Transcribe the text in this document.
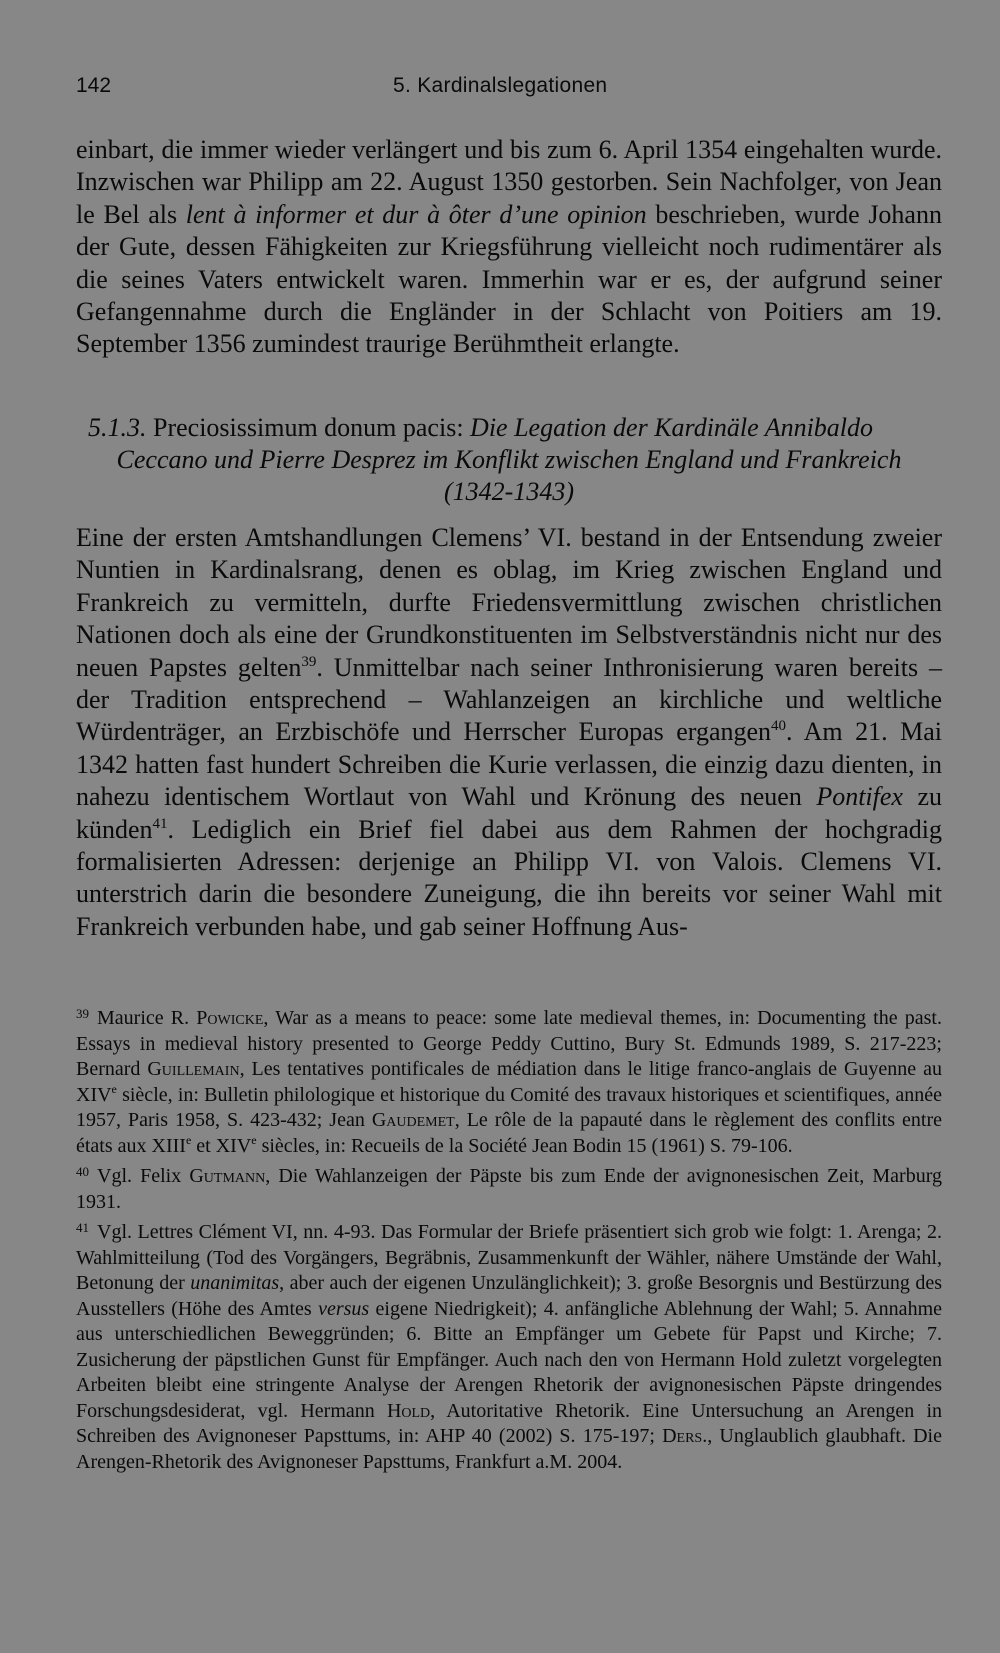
142	5. Kardinalslegationen

einbart, die immer wieder verlängert und bis zum 6. April 1354 eingehalten wurde. Inzwischen war Philipp am 22. August 1350 gestorben. Sein Nachfolger, von Jean le Bel als lent à informer et dur à ôter d’une opinion beschrieben, wurde Johann der Gute, dessen Fähigkeiten zur Kriegsführung vielleicht noch rudimentärer als die seines Vaters entwickelt waren. Immerhin war er es, der aufgrund seiner Gefangennahme durch die Engländer in der Schlacht von Poitiers am 19. September 1356 zumindest traurige Berühmtheit erlangte.

5.1.3. Preciosissimum donum pacis: Die Legation der Kardinäle Annibaldo
Ceccano und Pierre Desprez im Konflikt zwischen England und Frankreich
(1342-1343)

Eine der ersten Amtshandlungen Clemens’ VI. bestand in der Entsendung zweier Nuntien in Kardinalsrang, denen es oblag, im Krieg zwischen England und Frankreich zu vermitteln, durfte Friedensvermittlung zwischen christlichen Nationen doch als eine der Grundkonstituenten im Selbstverständnis nicht nur des neuen Papstes gelten$^{39}$. Unmittelbar nach seiner Inthronisierung waren bereits – der Tradition entsprechend – Wahlanzeigen an kirchliche und weltliche Würdenträger, an Erzbischöfe und Herrscher Europas ergangen$^{40}$. Am 21. Mai 1342 hatten fast hundert Schreiben die Kurie verlassen, die einzig dazu dienten, in nahezu identischem Wortlaut von Wahl und Krönung des neuen Pontifex zu künden$^{41}$. Lediglich ein Brief fiel dabei aus dem Rahmen der hochgradig formalisierten Adressen: derjenige an Philipp VI. von Valois. Clemens VI. unterstrich darin die besondere Zuneigung, die ihn bereits vor seiner Wahl mit Frankreich verbunden habe, und gab seiner Hoffnung Aus-

$^{39}$ Maurice R. Powicke, War as a means to peace: some late medieval themes, in: Documenting the past. Essays in medieval history presented to George Peddy Cuttino, Bury St. Edmunds 1989, S. 217-223; Bernard Guillemain, Les tentatives pontificales de médiation dans le litige franco-anglais de Guyenne au XIVe siècle, in: Bulletin philologique et historique du Comité des travaux historiques et scientifiques, année 1957, Paris 1958, S. 423-432; Jean Gaudemet, Le rôle de la papauté dans le règlement des conflits entre états aux XIIIe et XIVe siècles, in: Recueils de la Société Jean Bodin 15 (1961) S. 79-106.

$^{40}$ Vgl. Felix Gutmann, Die Wahlanzeigen der Päpste bis zum Ende der avignonesischen Zeit, Marburg 1931.

$^{41}$ Vgl. Lettres Clément VI, nn. 4-93. Das Formular der Briefe präsentiert sich grob wie folgt: 1. Arenga; 2. Wahlmitteilung (Tod des Vorgängers, Begräbnis, Zusammenkunft der Wähler, nähere Umstände der Wahl, Betonung der unanimitas, aber auch der eigenen Unzulänglichkeit); 3. große Besorgnis und Bestürzung des Ausstellers (Höhe des Amtes versus eigene Niedrigkeit); 4. anfängliche Ablehnung der Wahl; 5. Annahme aus unterschiedlichen Beweggründen; 6. Bitte an Empfänger um Gebete für Papst und Kirche; 7. Zusicherung der päpstlichen Gunst für Empfänger. Auch nach den von Hermann Hold zuletzt vorgelegten Arbeiten bleibt eine stringente Analyse der Arengen Rhetorik der avignonesischen Päpste dringendes Forschungsdesiderat, vgl. Hermann Hold, Autoritative Rhetorik. Eine Untersuchung an Arengen in Schreiben des Avignoneser Papsttums, in: AHP 40 (2002) S. 175-197; Ders., Unglaublich glaubhaft. Die Arengen-Rhetorik des Avignoneser Papsttums, Frankfurt a.M. 2004.
